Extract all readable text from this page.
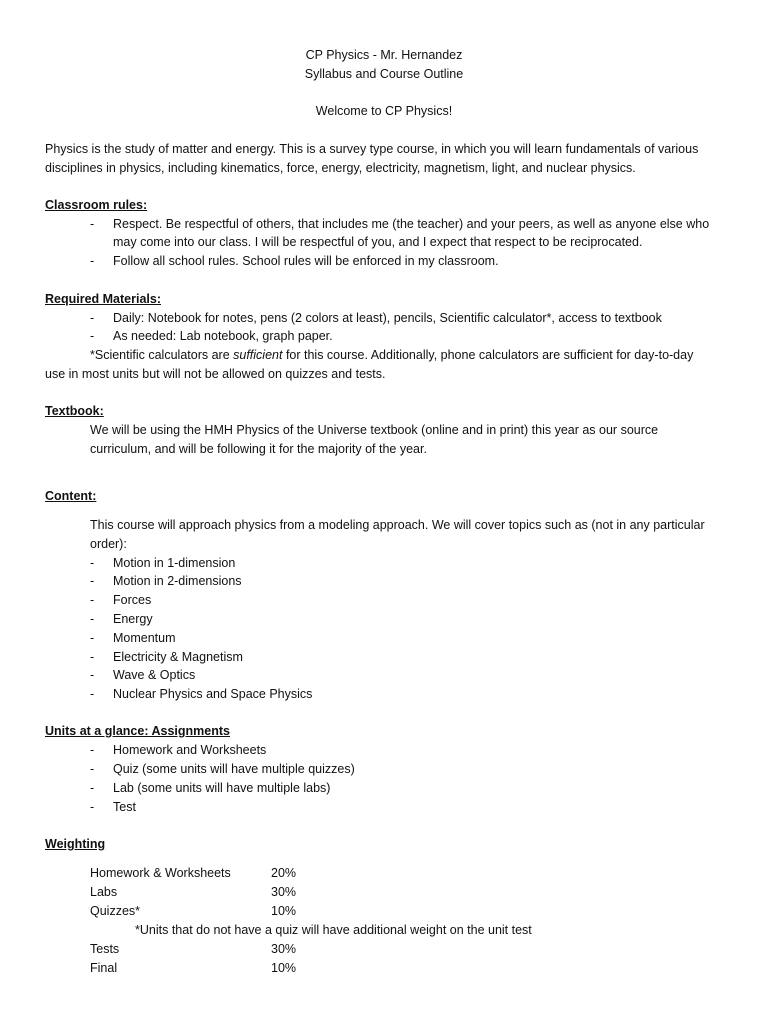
CP Physics - Mr. Hernandez
Syllabus and Course Outline
Welcome to CP Physics!
Physics is the study of matter and energy. This is a survey type course, in which you will learn fundamentals of various
disciplines in physics, including kinematics, force, energy, electricity, magnetism, light, and nuclear physics.
Classroom rules:
- Respect. Be respectful of others, that includes me (the teacher) and your peers, as well as anyone else who
may come into our class. I will be respectful of you, and I expect that respect to be reciprocated.
- Follow all school rules. School rules will be enforced in my classroom.
Required Materials:
- Daily: Notebook for notes, pens (2 colors at least), pencils, Scientific calculator*, access to textbook
- As needed: Lab notebook, graph paper.
*Scientific calculators are sufficient for this course. Additionally, phone calculators are sufficient for day-to-day
use in most units but will not be allowed on quizzes and tests.
Textbook:
We will be using the HMH Physics of the Universe textbook (online and in print) this year as our source
curriculum, and will be following it for the majority of the year.
Content:
This course will approach physics from a modeling approach. We will cover topics such as (not in any particular
order):
- Motion in 1-dimension
- Motion in 2-dimensions
- Forces
- Energy
- Momentum
- Electricity & Magnetism
- Wave & Optics
- Nuclear Physics and Space Physics
Units at a glance: Assignments
- Homework and Worksheets
- Quiz (some units will have multiple quizzes)
- Lab (some units will have multiple labs)
- Test
Weighting
Homework & Worksheets	20%
Labs	30%
Quizzes*	10%
*Units that do not have a quiz will have additional weight on the unit test
Tests	30%
Final	10%
